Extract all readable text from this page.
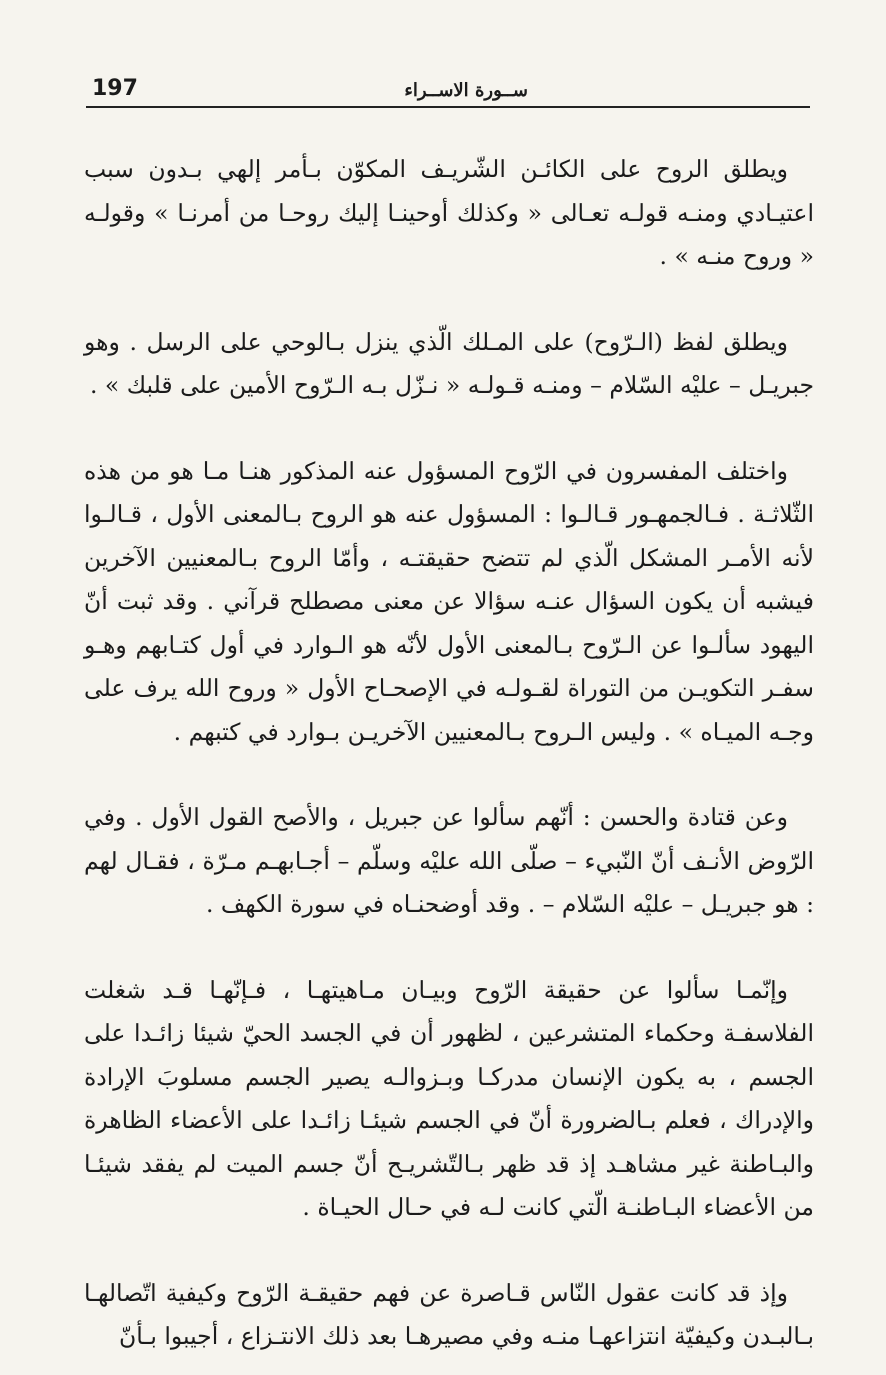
197	ســورة الاســراء

ويطلق الروح على الكائـن الشّريـف المكوّن بـأمر إلهي بـدون سبب اعتيـادي ومنـه قولـه تعـالى « وكذلك أوحينـا إليك روحـا من أمرنـا » وقولـه « وروح منـه » .

ويطلق لفظ (الـرّوح) على المـلك الّذي ينزل بـالوحي على الرسل . وهو جبريـل – عليْه السّلام – ومنـه قـولـه « نـزّل بـه الـرّوح الأمين على قلبك » .

واختلف المفسرون في الرّوح المسؤول عنه المذكور هنـا مـا هو من هذه الثّلاثـة . فـالجمهـور قـالـوا : المسؤول عنه هو الروح بـالمعنى الأول ، قـالـوا لأنه الأمـر المشكل الّذي لم تتضح حقيقتـه ، وأمّا الروح بـالمعنيين الآخرين فيشبه أن يكون السؤال عنـه سؤالا عن معنى مصطلح قرآني . وقد ثبت أنّ اليهود سألـوا عن الـرّوح بـالمعنى الأول لأنّه هو الـوارد في أول كتـابهم وهـو سفـر التكويـن من التوراة لقـولـه في الإصحـاح الأول « وروح الله يرف على وجـه الميـاه » . وليس الـروح بـالمعنيين الآخريـن بـوارد في كتبهم .

وعن قتادة والحسن : أنّهم سألوا عن جبريل ، والأصح القول الأول . وفي الرّوض الأنـف أنّ النّبيء – صلّى الله عليْه وسلّم – أجـابهـم مـرّة ، فقـال لهم : هو جبريـل – عليْه السّلام – . وقد أوضحنـاه في سورة الكهف .

وإنّمـا سألوا عن حقيقة الرّوح وبيـان مـاهيتهـا ، فـإنّهـا قـد شغلت الفلاسفـة وحكماء المتشرعين ، لظهور أن في الجسد الحيّ شيئا زائـدا على الجسم ، به يكون الإنسان مدركـا وبـزوالـه يصير الجسم مسلوبَ الإرادة والإدراك ، فعلم بـالضرورة أنّ في الجسم شيئـا زائـدا على الأعضاء الظاهرة والبـاطنة غير مشاهـد إذ قد ظهر بـالتّشريـح أنّ جسم الميت لم يفقد شيئـا من الأعضاء البـاطنـة الّتي كانت لـه في حـال الحيـاة .

وإذ قد كانت عقول النّاس قـاصرة عن فهم حقيقـة الرّوح وكيفية اتّصالهـا بـالبـدن وكيفيّة انتزاعهـا منـه وفي مصيرهـا بعد ذلك الانتـزاع ، أجيبوا بـأنّ
